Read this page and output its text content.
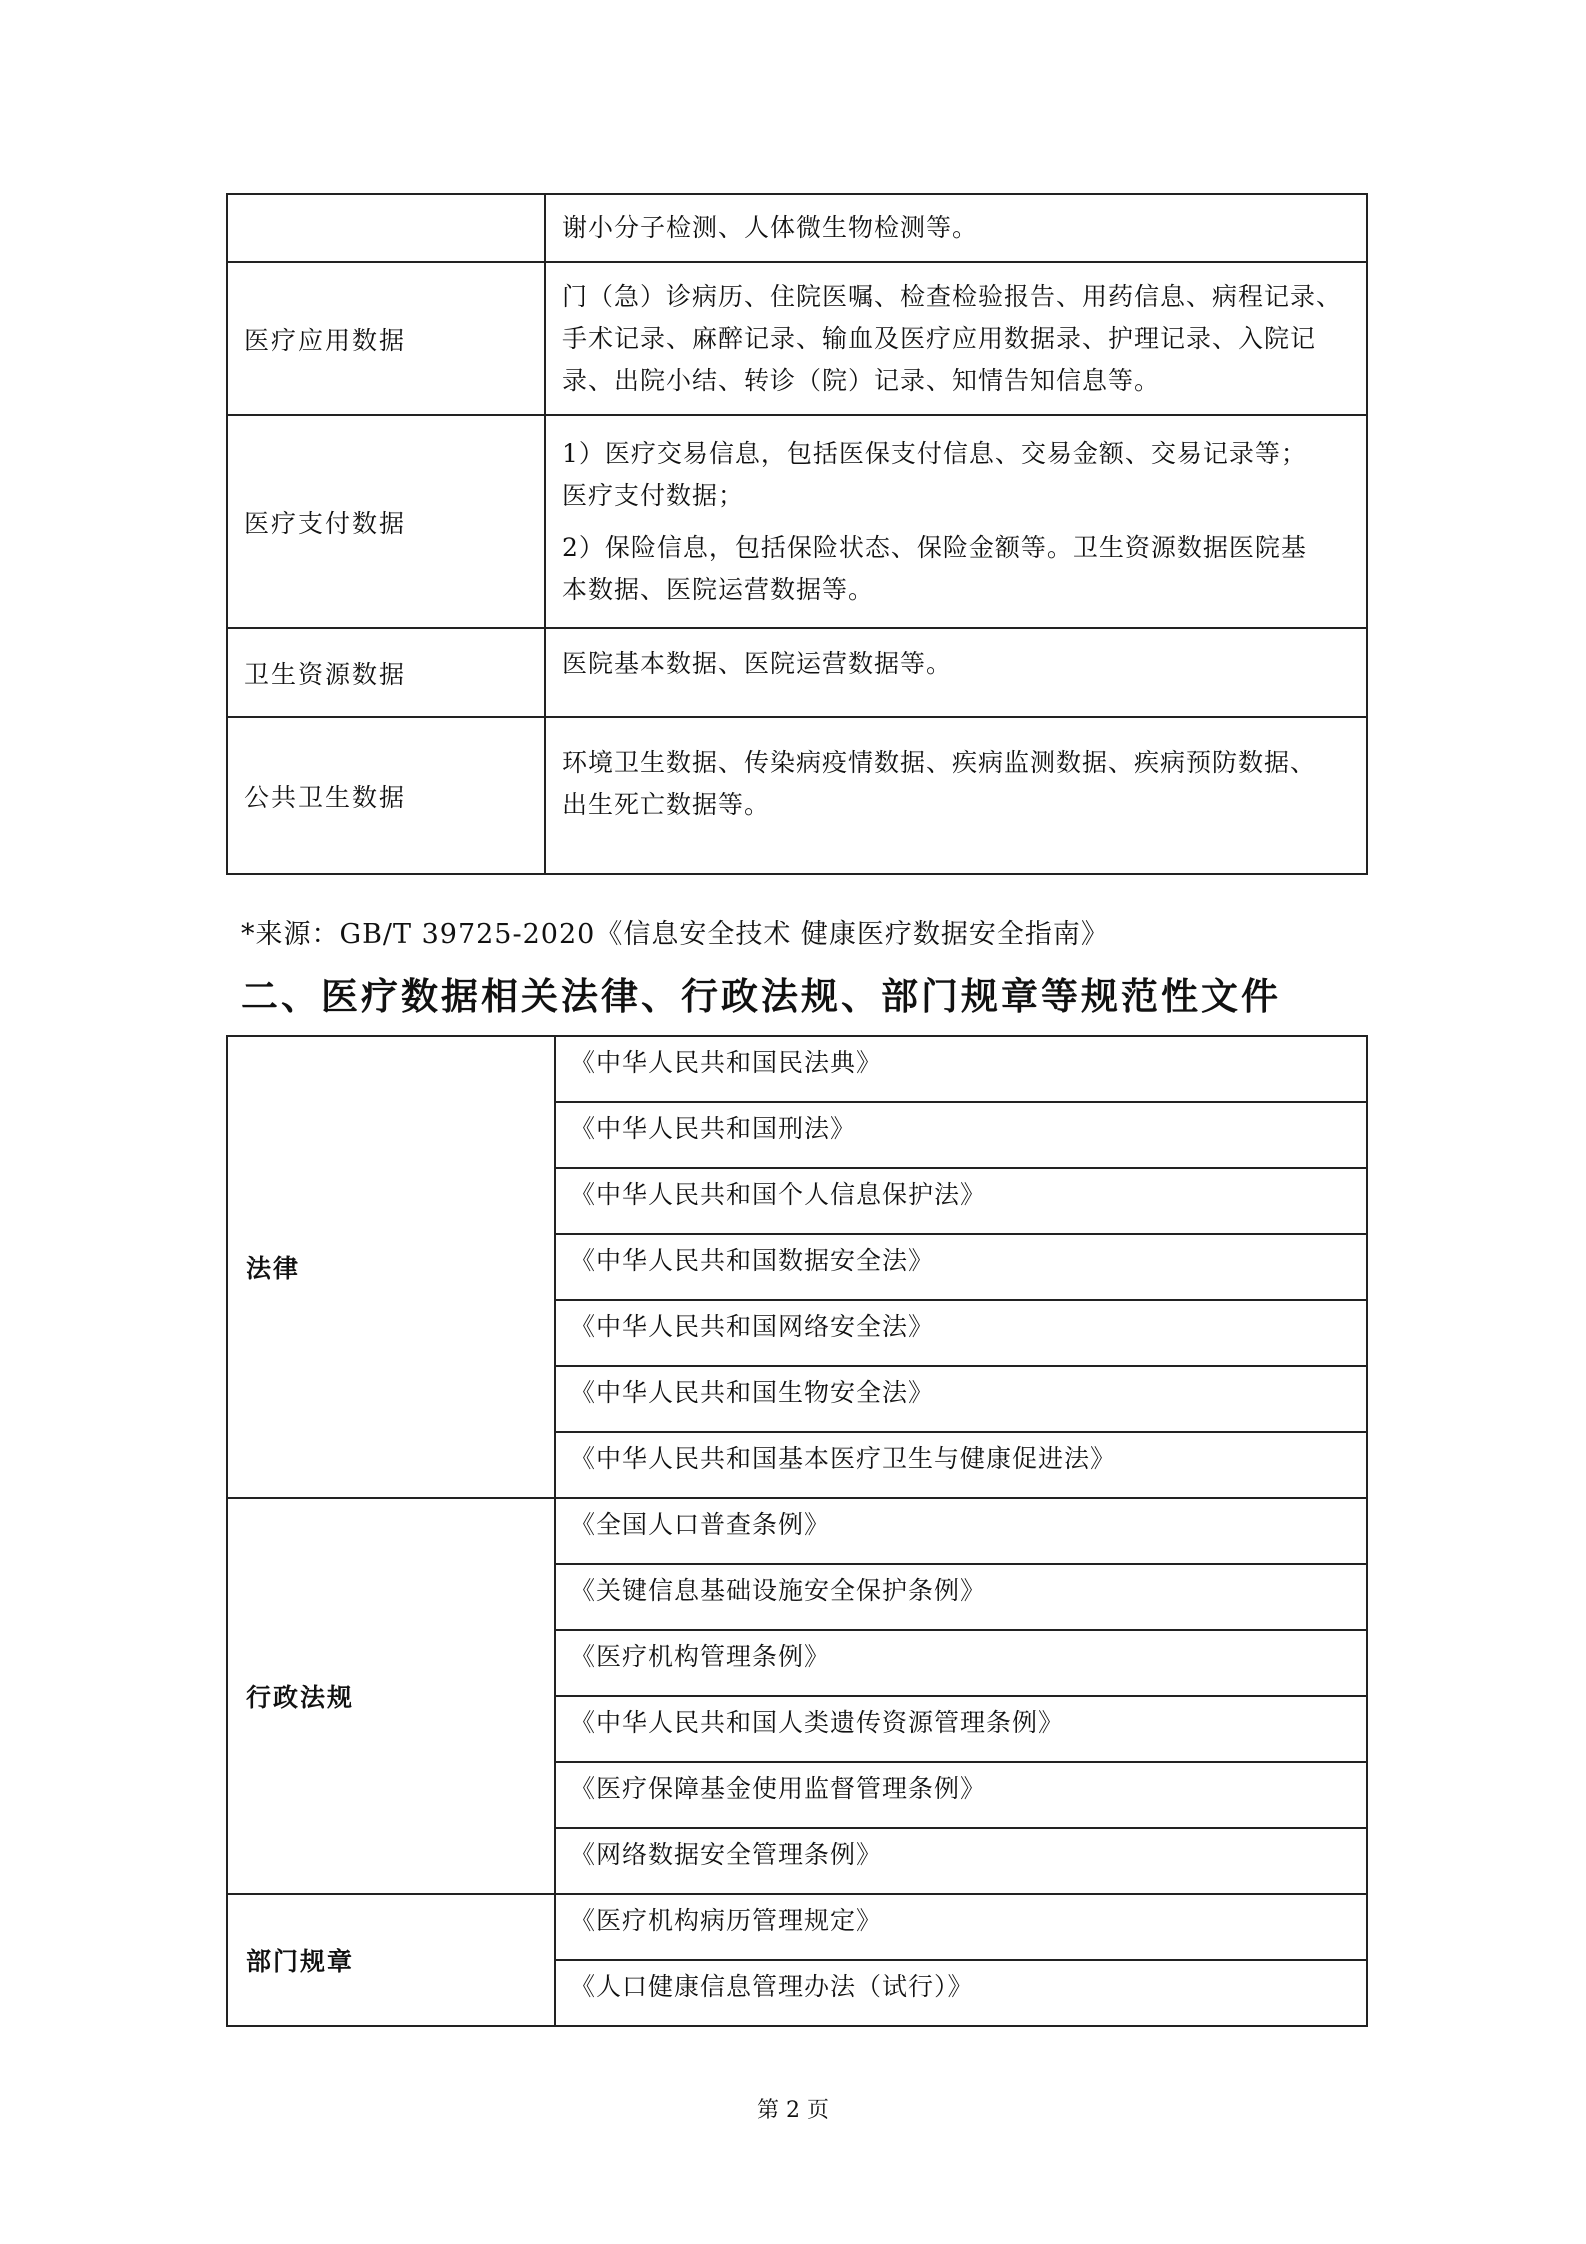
	谢小分子检测、人体微生物检测等。
医疗应用数据	门（急）诊病历、住院医嘱、检查检验报告、用药信息、病程记录、
手术记录、麻醉记录、输血及医疗应用数据录、护理记录、入院记
录、出院小结、转诊（院）记录、知情告知信息等。

医疗支付数据	1）医疗交易信息，包括医保支付信息、交易金额、交易记录等；
医疗支付数据；
2）保险信息，包括保险状态、保险金额等。卫生资源数据医院基
本数据、医院运营数据等。

卫生资源数据	医院基本数据、医院运营数据等。
公共卫生数据	环境卫生数据、传染病疫情数据、疾病监测数据、疾病预防数据、
出生死亡数据等。
*来源：GB/T 39725-2020《信息安全技术 健康医疗数据安全指南》
二、医疗数据相关法律、行政法规、部门规章等规范性文件
法律	《中华人民共和国民法典》
	《中华人民共和国刑法》
	《中华人民共和国个人信息保护法》
	《中华人民共和国数据安全法》
	《中华人民共和国网络安全法》
	《中华人民共和国生物安全法》
	《中华人民共和国基本医疗卫生与健康促进法》
行政法规	《全国人口普查条例》
	《关键信息基础设施安全保护条例》
	《医疗机构管理条例》
	《中华人民共和国人类遗传资源管理条例》
	《医疗保障基金使用监督管理条例》
	《网络数据安全管理条例》
部门规章	《医疗机构病历管理规定》
	《人口健康信息管理办法（试行）》
第 2 页
